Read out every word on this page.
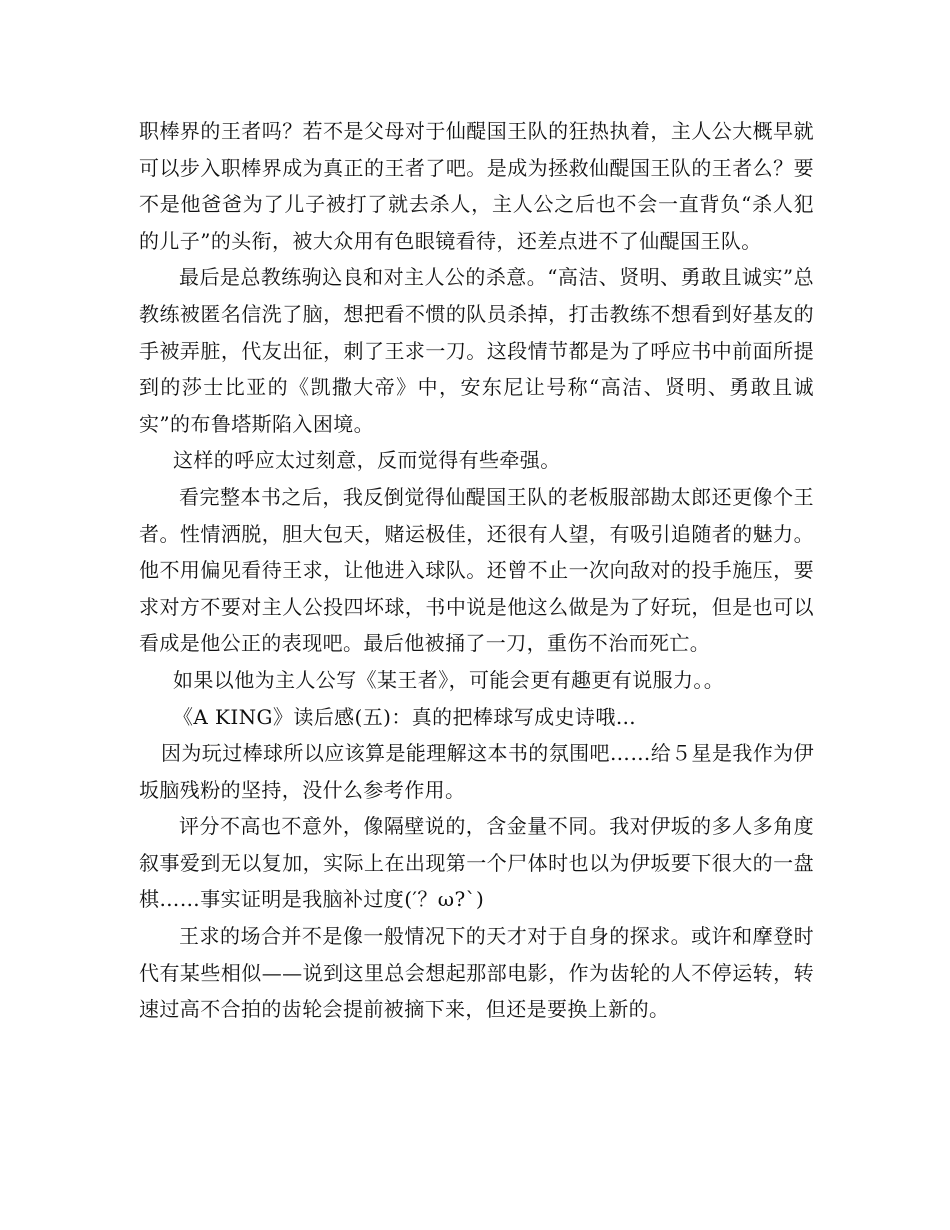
职棒界的王者吗？若不是父母对于仙醍国王队的狂热执着，主人公大概早就可以步入职棒界成为真正的王者了吧。是成为拯救仙醍国王队的王者么？要不是他爸爸为了儿子被打了就去杀人，主人公之后也不会一直背负“杀人犯的儿子”的头衔，被大众用有色眼镜看待，还差点进不了仙醍国王队。

最后是总教练驹込良和对主人公的杀意。“高洁、贤明、勇敢且诚实”总教练被匿名信洗了脑，想把看不惯的队员杀掉，打击教练不想看到好基友的手被弄脏，代友出征，刺了王求一刀。这段情节都是为了呼应书中前面所提到的莎士比亚的《凯撒大帝》中，安东尼让号称“高洁、贤明、勇敢且诚实”的布鲁塔斯陷入困境。

这样的呼应太过刻意，反而觉得有些牵强。

看完整本书之后，我反倒觉得仙醍国王队的老板服部勘太郎还更像个王者。性情洒脱，胆大包天，赌运极佳，还很有人望，有吸引追随者的魅力。他不用偏见看待王求，让他进入球队。还曾不止一次向敌对的投手施压，要求对方不要对主人公投四坏球，书中说是他这么做是为了好玩，但是也可以看成是他公正的表现吧。最后他被捅了一刀，重伤不治而死亡。

如果以他为主人公写《某王者》，可能会更有趣更有说服力。。

《A KING》读后感(五)：真的把棒球写成史诗哦…

因为玩过棒球所以应该算是能理解这本书的氛围吧……给５星是我作为伊坂脑残粉的坚持，没什么参考作用。

评分不高也不意外，像隔壁说的，含金量不同。我对伊坂的多人多角度叙事爱到无以复加，实际上在出现第一个尸体时也以为伊坂要下很大的一盘棋……事实证明是我脑补过度(′？ω?`)

王求的场合并不是像一般情况下的天才对于自身的探求。或许和摩登时代有某些相似——说到这里总会想起那部电影，作为齿轮的人不停运转，转速过高不合拍的齿轮会提前被摘下来，但还是要换上新的。
